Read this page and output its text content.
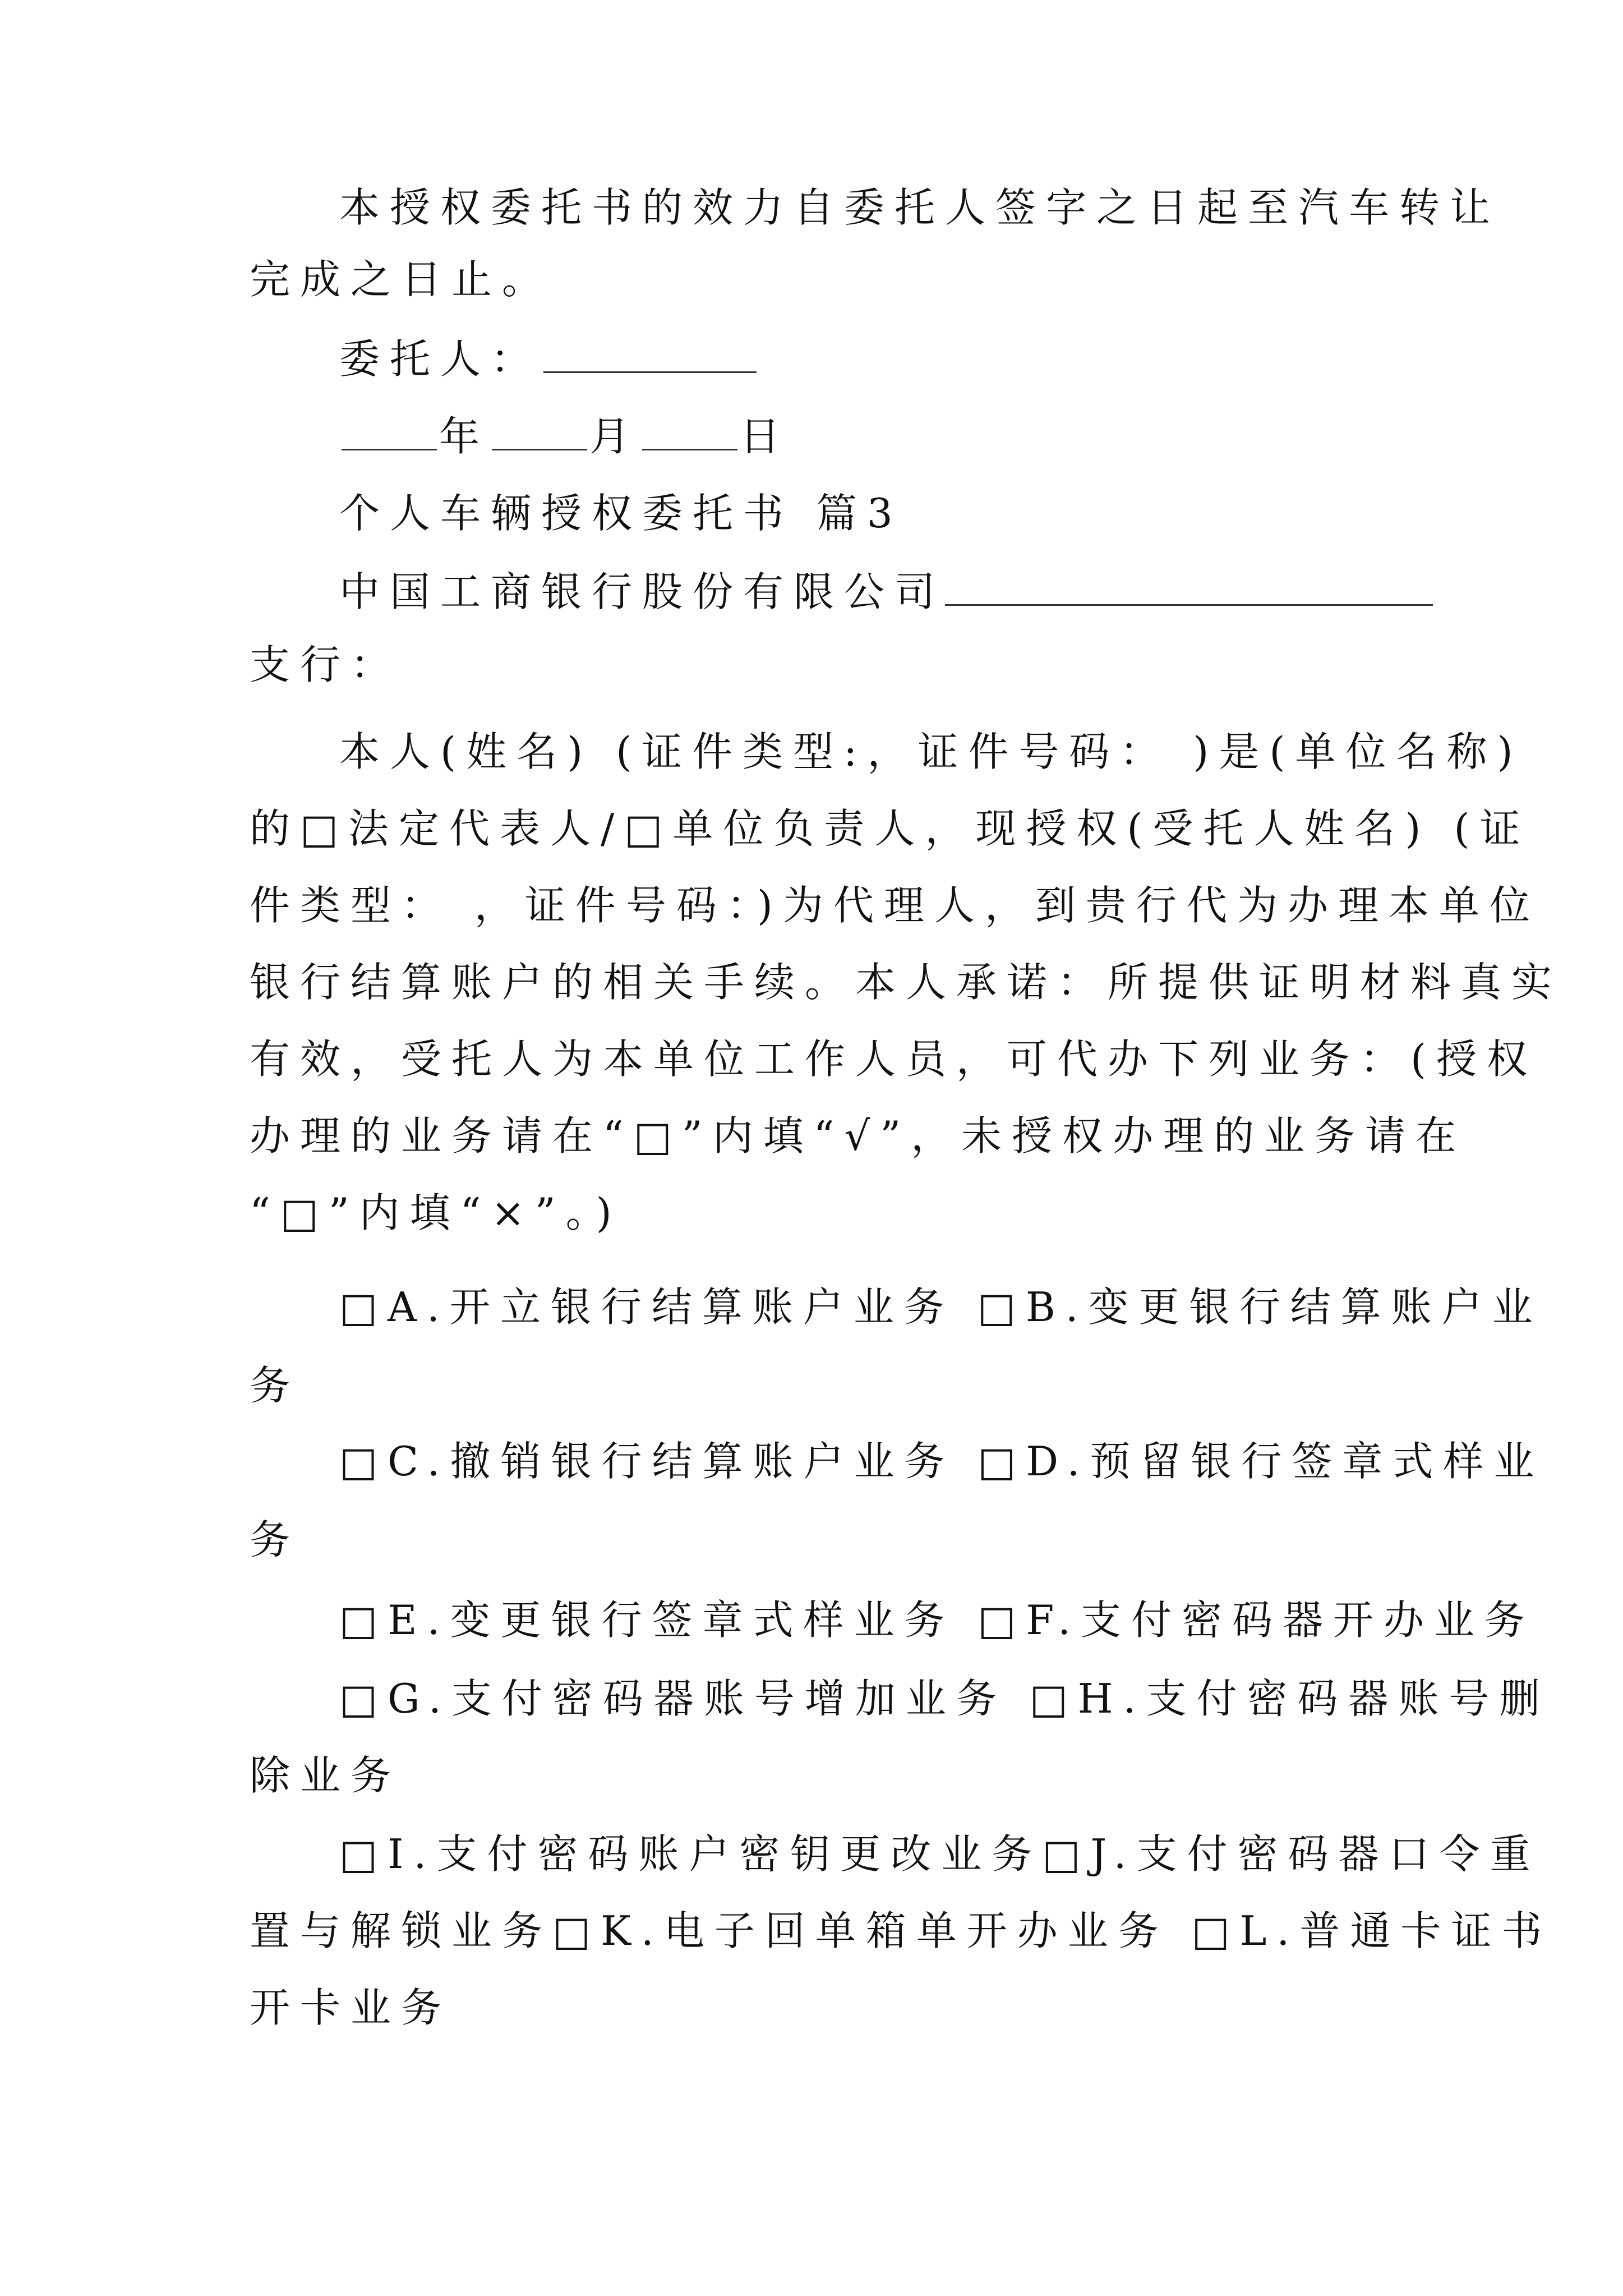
本授权委托书的效力自委托人签字之日起至汽车转让
完成之日止。
委托人：
年 月 日
个人车辆授权委托书 篇3
中国工商银行股份有限公司
支行：
本人(姓名) (证件类型:，证件号码： )是(单位名称)
的□法定代表人/□单位负责人，现授权(受托人姓名) (证
件类型： ，证件号码：)为代理人，到贵行代为办理本单位
银行结算账户的相关手续。本人承诺：所提供证明材料真实
有效，受托人为本单位工作人员，可代办下列业务：(授权
办理的业务请在“□”内填“√”，未授权办理的业务请在
“□”内填“×”。)
□A.开立银行结算账户业务 □B.变更银行结算账户业
务
□C.撤销银行结算账户业务 □D.预留银行签章式样业
务
□E.变更银行签章式样业务 □F.支付密码器开办业务
□G.支付密码器账号增加业务 □H.支付密码器账号删
除业务
□I.支付密码账户密钥更改业务□J.支付密码器口令重
置与解锁业务□K.电子回单箱单开办业务 □L.普通卡证书
开卡业务
